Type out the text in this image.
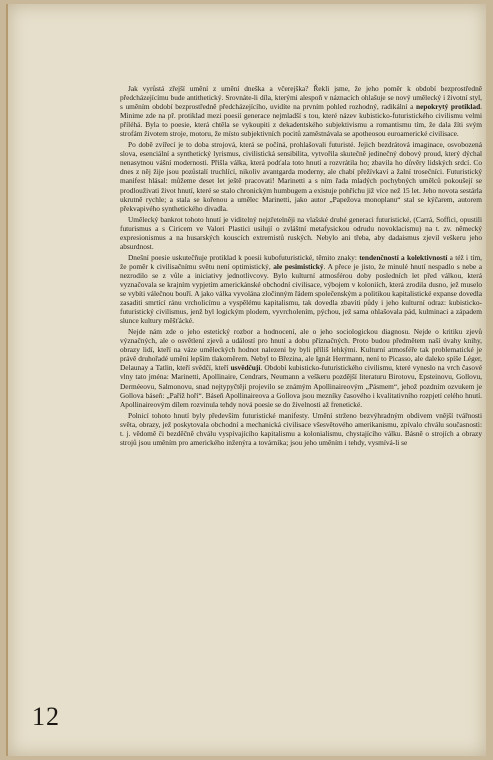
Jak vyrůstá zřejší umění z umění dneška a včerejška? Řekli jsme, že jeho poměr k období bezprostředně předcházejícímu bude antithetický. Srovnáte-li díla, kterými alespoň v náznacích ohlašuje se nový umělecký i životní styl, s uměním období bezprostředně předcházejícího, uvidíte na prvním pohled rozhodný, radikální a nepokrytý protiklad. Minime zde na př. protiklad mezi poesií generace nejmladší s tou, které název kubisticko-futuristického civilismu velmi příléhá. Byla to poesie, která chtěla se vykoupiti z dekadentského subjektivismu a romantismu tím, že dala žíti svým strofám životem stroje, motoru, že místo subjektivních pocitů zaměstnávala se apotheosou euroamerické civilisace.

Po době zvířecí je to doba strojová, která se počíná, prohlašovali futuristé. Jejich bezdrátová imaginace, osvobozená slova, esenciální a synthetický lyrismus, civilistická sensibilita, vytvořila skutečně jedinečný dobový proud, který dýchal nenasytnou vášní modernosti. Přišla válka, která podťala toto hnutí a rozvrátila ho; zbavila ho důvěry lidských srdcí. Co dnes z něj žije jsou pozůstalí truchlící, nikoliv avantgarda moderny, ale chabí přežívkaví a žalní trosečníci. Futuristický manifest hlásal: můžeme deset let ještě pracovati! Marinetti a s ním řada mladých pochybných umělců pokoušejí se prodlouživati život hnutí, které se stalo chronickým humbugem a existuje pohříchu již více než 15 let. Jeho novota sestárla ukrutně rychle; a stala se kořenou a umělec Marinetti, jako autor „Papežova monoplanu“ stal se kýčarem, autorem překvapivého synthetického divadla.

Umělecký bankrot tohoto hnutí je viditelný nejzřetelněji na vlašské druhé generaci futuristické, (Carrá, Soffici, opustili futurismus a s Ciricem ve Valori Plastici usilují o zvláštní metafysickou odrudu novoklacismu) na t. zv. německý expresionismus a na husarských kouscích extremistů ruských. Nebylo ani třeba, aby dadaismus zjevil veškeru jeho absurdnost.

Dnešní poesie uskutečňuje protiklad k poesii kubofuturistické, těmito znaky: tendenčností a kolektivností a též i tím, že poměr k civilisačnímu světu není optimistický, ale pesimistický. A přece je jisto, že minulé hnutí nespadlo s nebe a nezrodilo se z vůle a iniciativy jednotlivcovy. Bylo kulturní atmosférou doby posledních let před válkou, která vyznačovala se krajním vypjetím americkánské obchodní civilisace, výbojem v koloniích, která zrodila dusno, jež muselo se vybíti válečnou bouří. A jako válka vyvolána zločinným řádem společenským a politikou kapitalistické expanse dovedla zasaditi smrtící ránu vrcholicímu a vyspělému kapitalismu, tak dovedla zbaviti půdy i jeho kulturní odraz: kubisticko-futuristický civilismus, jenž byl logickým plodem, vyvrcholením, pýchou, jež sama ohlašovala pád, kulminaci a západem slunce kultury měšťácké.

Nejde nám zde o jeho estetický rozbor a hodnocení, ale o jeho sociologickou diagnosu. Nejde o kritiku zjevů význačných, ale o osvětlení zjevů a událostí pro hnutí a dobu příznačných. Proto budou předmětem naší úvahy knihy, obrazy lidí, kteří na váze uměleckých hodnot nalezeni by byli příliš lehkými. Kulturní atmosféře tak problematické je právě druhořadé umění lepším tlakoměrem. Nebyl to Březina, ale Ignát Herrmann, není to Picasso, ale daleko spíše Léger, Delaunay a Tatlin, kteří svědčí, kteří usvědčují. Období kubisticko-futuristického civilismu, které vyneslo na vrch časové vlny tato jména: Marinetti, Apollinaire, Cendrars, Neumann a veškeru pozdější literaturu Birotovu, Epsteinovu, Gollovu, Derméeovu, Salmonovu, snad nejtypyčtěji projevilo se známým Apollinaireovým „Pásmem“, jehož pozdním ozvukem je Gollova báseň: „Paříž hoří“. Báseň Apollinaireova a Gollova jsou mezníky časového i kvalitativního rozpjetí celého hnutí. Apollinaireovým dílem rozvinula tehdy nová poesie se do živelnosti až frenetické.

Polnicí tohoto hnutí byly především futuristické manifesty. Umění strženo bezvýhradným obdivem vnější tvářnosti světa, obrazy, jež poskytovala obchodní a mechanická civilisace všesvětového amerikanismu, zpívalo chválu současnosti: t. j. vědomě či bezděčně chválu vyspívajícího kapitalismu a kolonialismu, chystajícího válku. Básně o strojích a obrazy strojů jsou uměním pro amerického inženýra a továrníka; jsou jeho uměním i tehdy, vysmívá-li se

12
